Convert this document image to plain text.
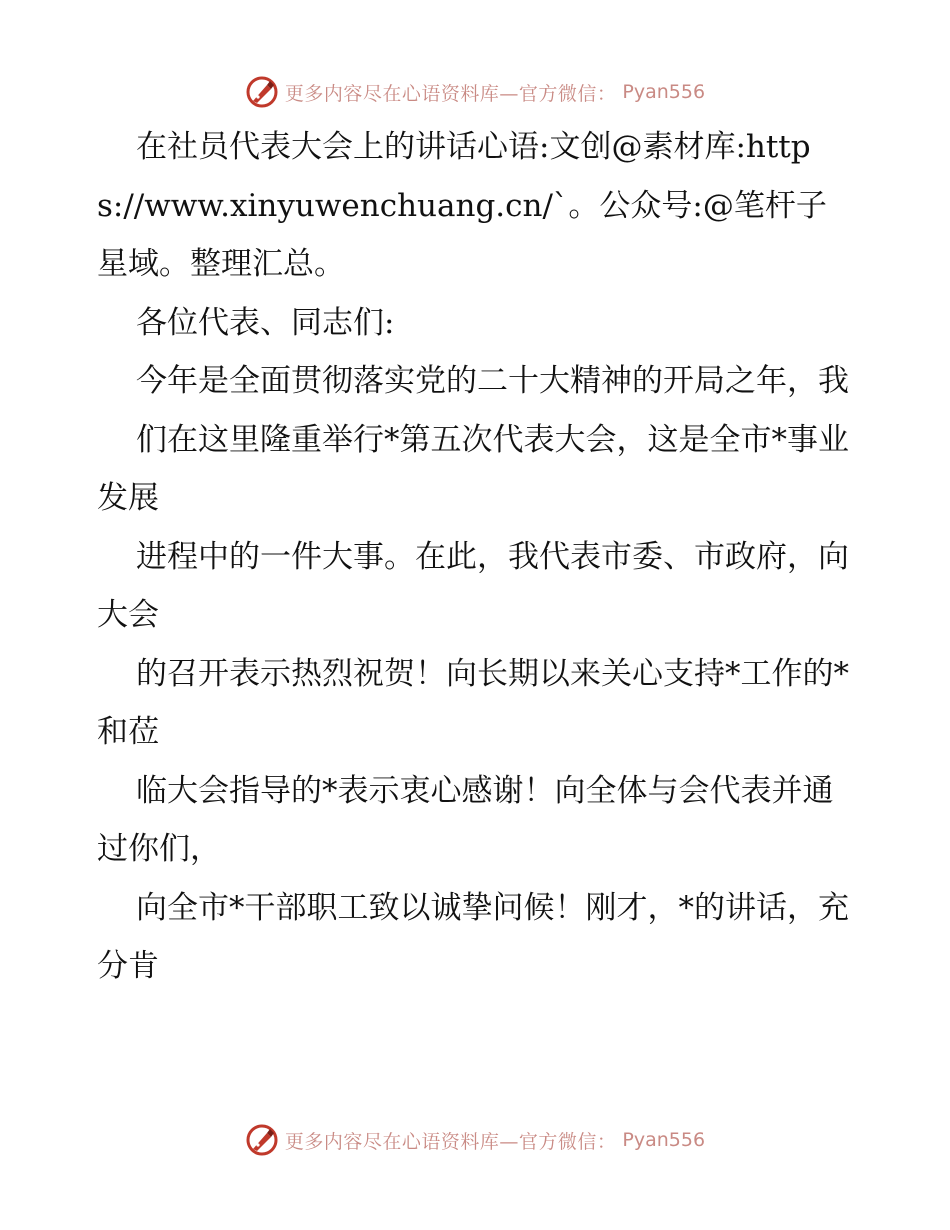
更多内容尽在心语资料库—官方微信： Pyan556

在社员代表大会上的讲话心语:文创@素材库:https://www.xinyuwenchuang.cn/`。公众号:@笔杆子星域。整理汇总。

各位代表、同志们:

今年是全面贯彻落实党的二十大精神的开局之年，我

们在这里隆重举行*第五次代表大会，这是全市*事业发展

进程中的一件大事。在此，我代表市委、市政府，向大会

的召开表示热烈祝贺！向长期以来关心支持*工作的*和莅

临大会指导的*表示衷心感谢！向全体与会代表并通过你们，

向全市*干部职工致以诚挚问候！刚才，*的讲话，充分肯

更多内容尽在心语资料库—官方微信： Pyan556
